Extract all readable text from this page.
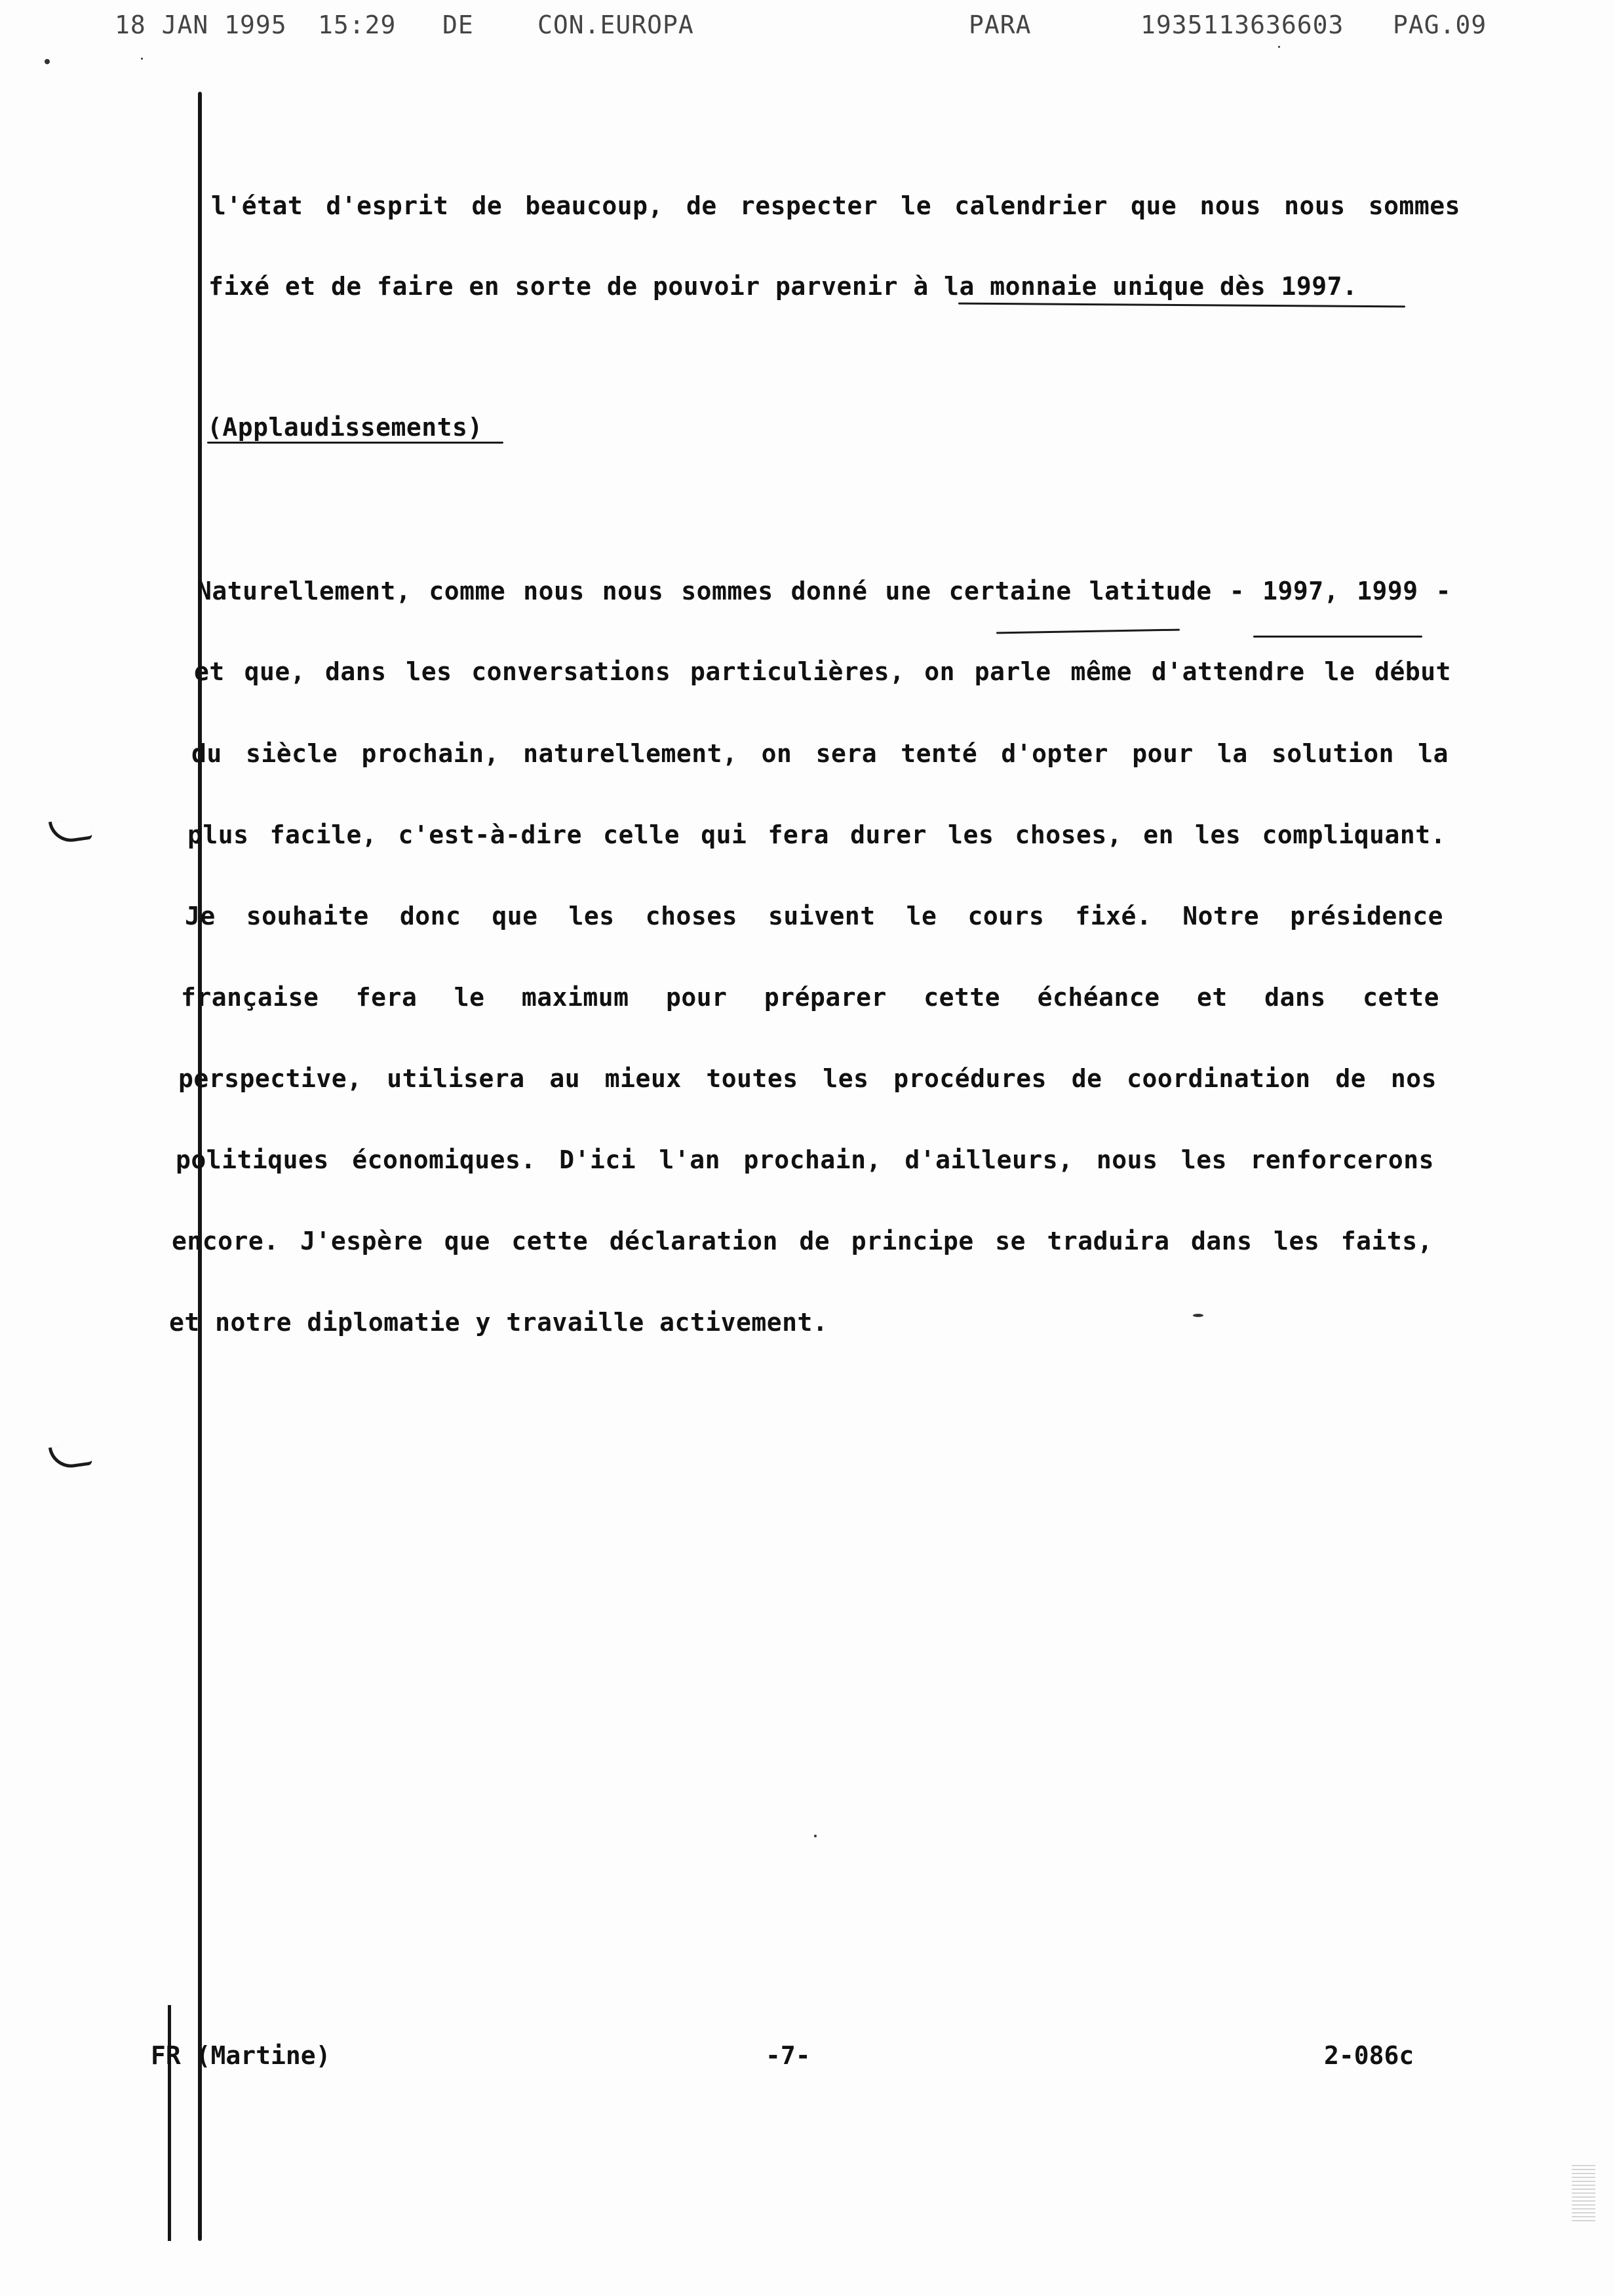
18 JAN 1995 15:29 DE	CON.EUROPA	PARA	1935113636603 PAG.09
l'état d'esprit de beaucoup, de respecter le calendrier que nous nous sommes
fixé et de faire en sorte de pouvoir parvenir à la monnaie unique dès 1997.
(Applaudissements)
Naturellement, comme nous nous sommes donné une certaine latitude - 1997, 1999 -
et que, dans les conversations particulières, on parle même d'attendre le début
du siècle prochain, naturellement, on sera tenté d'opter pour la solution la
plus facile, c'est-à-dire celle qui fera durer les choses, en les compliquant.
Je souhaite donc que les choses suivent le cours fixé. Notre présidence
française fera le maximum pour préparer cette échéance et dans cette
perspective, utilisera au mieux toutes les procédures de coordination de nos
politiques économiques. D'ici l'an prochain, d'ailleurs, nous les renforcerons
encore. J'espère que cette déclaration de principe se traduira dans les faits,
et notre diplomatie y travaille activement.
FR (Martine)	-7-	2-086c
